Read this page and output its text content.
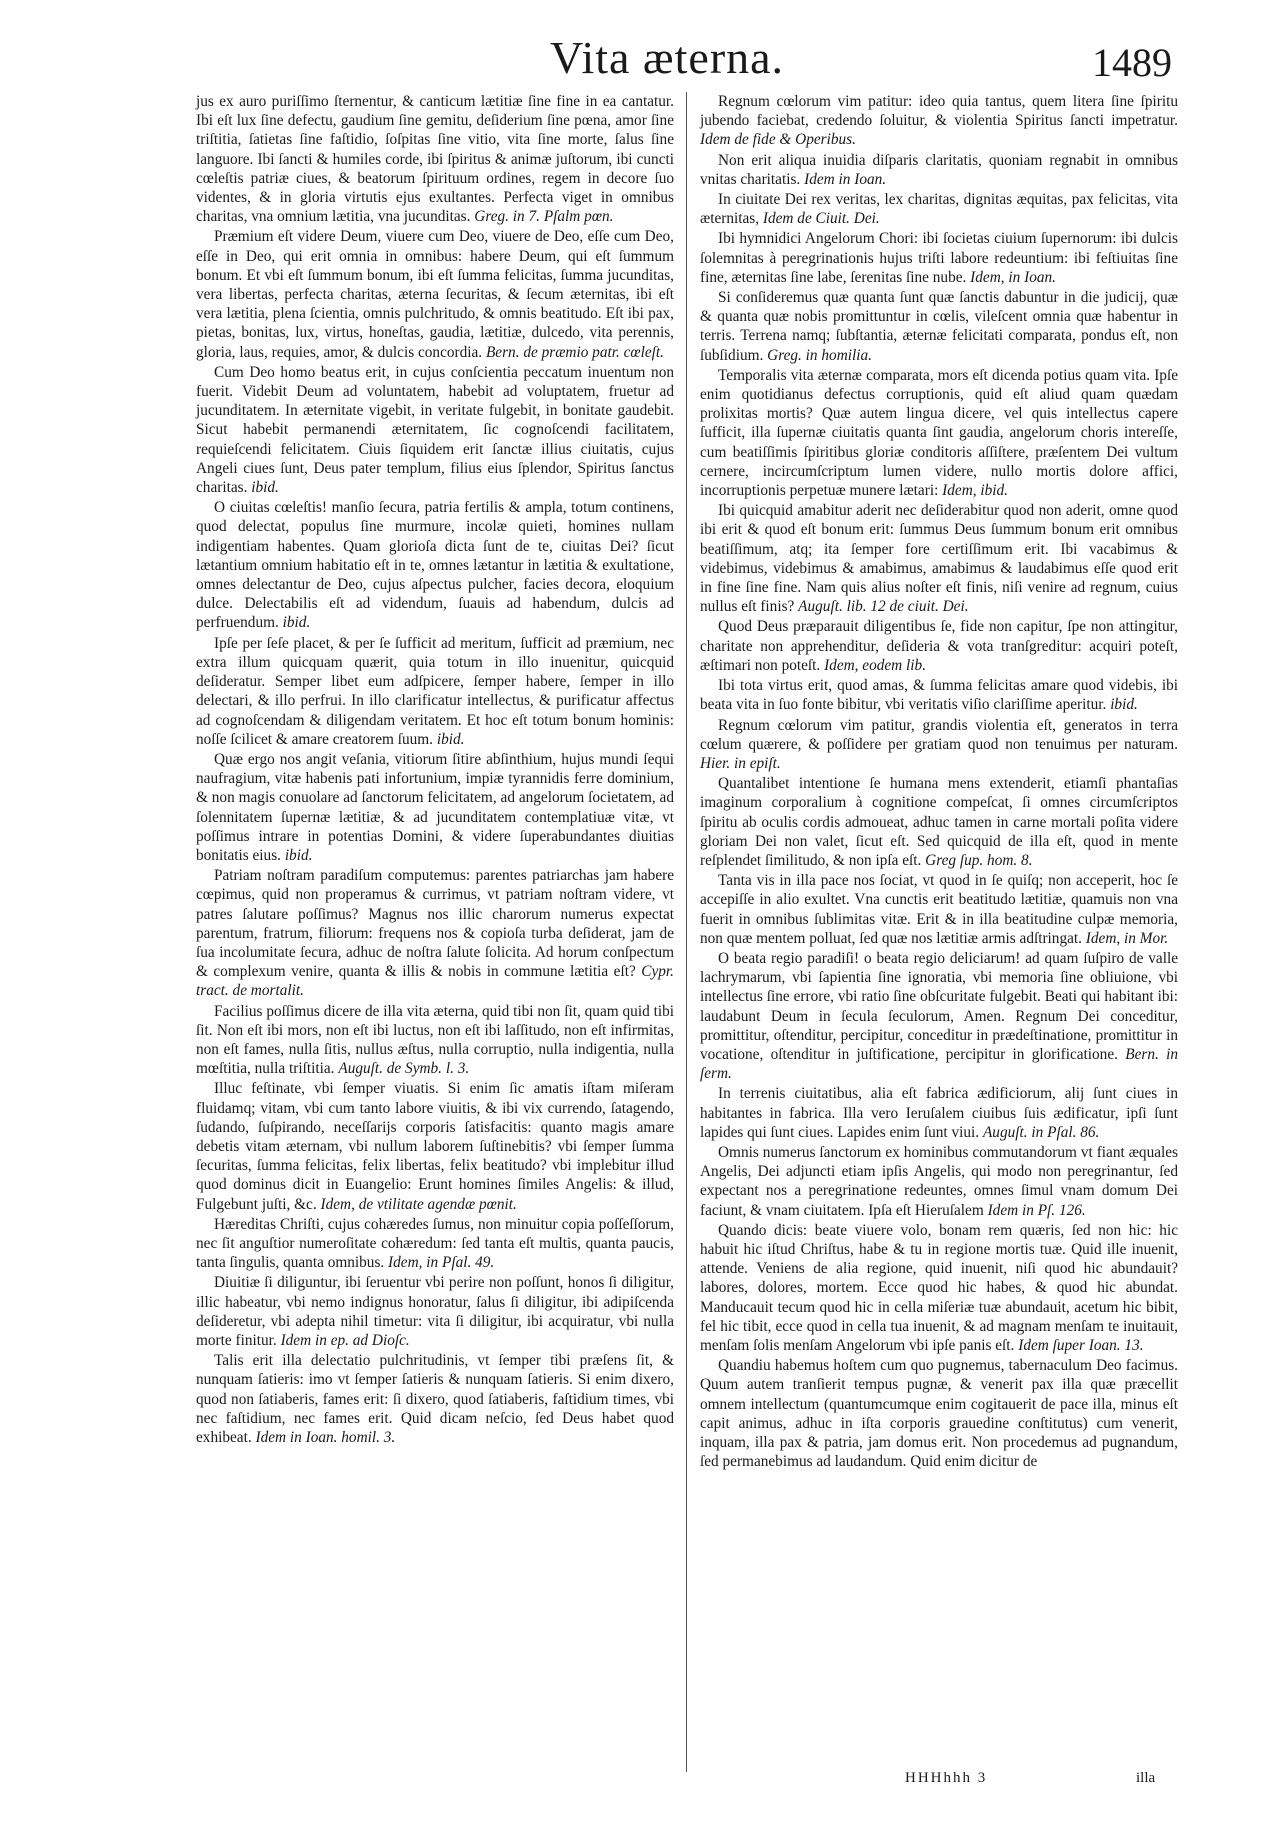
Vita æterna.	1489

jus ex auro puriſſimo ſternentur, & canticum lætitiæ ſine fine in ea cantatur. Ibi eſt lux ſine defectu, gaudium ſine gemitu, deſiderium ſine pœna, amor ſine triſtitia, ſatietas ſine faſtidio, ſoſpitas ſine vitio, vita ſine morte, ſalus ſine languore. Ibi ſancti & humiles corde, ibi ſpiritus & animæ juſtorum, ibi cuncti cœleſtis patriæ ciues, & beatorum ſpirituum ordines, regem in decore ſuo videntes, & in gloria virtutis ejus exultantes. Perfecta viget in omnibus charitas, vna omnium lætitia, vna jucunditas. Greg. in 7. Pſalm pœn.

Præmium eſt videre Deum, viuere cum Deo, viuere de Deo, eſſe cum Deo, eſſe in Deo, qui erit omnia in omnibus: habere Deum, qui eſt ſummum bonum. Et vbi eſt ſummum bonum, ibi eſt ſumma felicitas, ſumma jucunditas, vera libertas, perfecta charitas, æterna ſecuritas, & ſecum æternitas, ibi eſt vera lætitia, plena ſcientia, omnis pulchritudo, & omnis beatitudo. Eſt ibi pax, pietas, bonitas, lux, virtus, honeſtas, gaudia, lætitiæ, dulcedo, vita perennis, gloria, laus, requies, amor, & dulcis concordia. Bern. de præmio patr. cœleſt.

Cum Deo homo beatus erit, in cujus conſcientia peccatum inuentum non fuerit. Videbit Deum ad voluntatem, habebit ad voluptatem, fruetur ad jucunditatem. In æternitate vigebit, in veritate fulgebit, in bonitate gaudebit. Sicut habebit permanendi æternitatem, ſic cognoſcendi facilitatem, requieſcendi felicitatem. Ciuis ſiquidem erit ſanctæ illius ciuitatis, cujus Angeli ciues ſunt, Deus pater templum, filius eius ſplendor, Spiritus ſanctus charitas. ibid.

O ciuitas cœleſtis! manſio ſecura, patria fertilis & ampla, totum continens, quod delectat, populus ſine murmure, incolæ quieti, homines nullam indigentiam habentes. Quam glorioſa dicta ſunt de te, ciuitas Dei? ſicut lætantium omnium habitatio eſt in te, omnes lætantur in lætitia & exultatione, omnes delectantur de Deo, cujus aſpectus pulcher, facies decora, eloquium dulce. Delectabilis eſt ad videndum, ſuauis ad habendum, dulcis ad perfruendum. ibid.

Ipſe per ſeſe placet, & per ſe ſufficit ad meritum, ſufficit ad præmium, nec extra illum quicquam quærit, quia totum in illo inuenitur, quicquid deſideratur. Semper libet eum adſpicere, ſemper habere, ſemper in illo delectari, & illo perfrui. In illo clarificatur intellectus, & purificatur affectus ad cognoſcendam & diligendam veritatem. Et hoc eſt totum bonum hominis: noſſe ſcilicet & amare creatorem ſuum. ibid.

Quæ ergo nos angit veſania, vitiorum ſitire abſinthium, hujus mundi ſequi naufragium, vitæ habenis pati infortunium, impiæ tyrannidis ferre dominium, & non magis conuolare ad ſanctorum felicitatem, ad angelorum ſocietatem, ad ſolennitatem ſupernæ lætitiæ, & ad jucunditatem contemplatiuæ vitæ, vt poſſimus intrare in potentias Domini, & videre ſuperabundantes diuitias bonitatis eius. ibid.

Patriam noſtram paradiſum computemus: parentes patriarchas jam habere cœpimus, quid non properamus & currimus, vt patriam noſtram videre, vt patres ſalutare poſſimus? Magnus nos illic charorum numerus expectat parentum, fratrum, filiorum: frequens nos & copioſa turba deſiderat, jam de ſua incolumitate ſecura, adhuc de noſtra ſalute ſolicita. Ad horum conſpectum & complexum venire, quanta & illis & nobis in commune lætitia eſt? Cypr. tract. de mortalit.

Facilius poſſimus dicere de illa vita æterna, quid tibi non ſit, quam quid tibi ſit. Non eſt ibi mors, non eſt ibi luctus, non eſt ibi laſſitudo, non eſt infirmitas, non eſt fames, nulla ſitis, nullus æſtus, nulla corruptio, nulla indigentia, nulla mœſtitia, nulla triſtitia. Auguſt. de Symb. l. 3.

Illuc feſtinate, vbi ſemper viuatis. Si enim ſic amatis iſtam miſeram fluidamq; vitam, vbi cum tanto labore viuitis, & ibi vix currendo, ſatagendo, ſudando, ſuſpirando, neceſſarijs corporis ſatisfacitis: quanto magis amare debetis vitam æternam, vbi nullum laborem ſuſtinebitis? vbi ſemper ſumma ſecuritas, ſumma felicitas, felix libertas, felix beatitudo? vbi implebitur illud quod dominus dicit in Euangelio: Erunt homines ſimiles Angelis: & illud, Fulgebunt juſti, &c. Idem, de vtilitate agendæ pœnit.

Hæreditas Chriſti, cujus cohæredes ſumus, non minuitur copia poſſeſſorum, nec ſit anguſtior numeroſitate cohæredum: ſed tanta eſt multis, quanta paucis, tanta ſingulis, quanta omnibus. Idem, in Pſal. 49.

Diuitiæ ſi diliguntur, ibi ſeruentur vbi perire non poſſunt, honos ſi diligitur, illic habeatur, vbi nemo indignus honoratur, ſalus ſi diligitur, ibi adipiſcenda deſideretur, vbi adepta nihil timetur: vita ſi diligitur, ibi acquiratur, vbi nulla morte finitur. Idem in ep. ad Dioſc.

Talis erit illa delectatio pulchritudinis, vt ſemper tibi præſens ſit, & nunquam ſatieris: imo vt ſemper ſatieris & nunquam ſatieris. Si enim dixero, quod non ſatiaberis, fames erit: ſi dixero, quod ſatiaberis, faſtidium times, vbi nec faſtidium, nec fames erit. Quid dicam neſcio, ſed Deus habet quod exhibeat. Idem in Ioan. homil. 3.

Regnum cœlorum vim patitur: ideo quia tantus, quem litera ſine ſpiritu jubendo faciebat, credendo ſoluitur, & violentia Spiritus ſancti impetratur. Idem de fide & Operibus.

Non erit aliqua inuidia diſparis claritatis, quoniam regnabit in omnibus vnitas charitatis. Idem in Ioan.

In ciuitate Dei rex veritas, lex charitas, dignitas æquitas, pax felicitas, vita æternitas, Idem de Ciuit. Dei.

Ibi hymnidici Angelorum Chori: ibi ſocietas ciuium ſupernorum: ibi dulcis ſolemnitas à peregrinationis hujus triſti labore redeuntium: ibi feſtiuitas ſine fine, æternitas ſine labe, ſerenitas ſine nube. Idem, in Ioan.

Si conſideremus quæ quanta ſunt quæ ſanctis dabuntur in die judicij, quæ & quanta quæ nobis promittuntur in cœlis, vileſcent omnia quæ habentur in terris. Terrena namq; ſubſtantia, æternæ felicitati comparata, pondus eſt, non ſubſidium. Greg. in homilia.

Temporalis vita æternæ comparata, mors eſt dicenda potius quam vita. Ipſe enim quotidianus defectus corruptionis, quid eſt aliud quam quædam prolixitas mortis? Quæ autem lingua dicere, vel quis intellectus capere ſufficit, illa ſupernæ ciuitatis quanta ſint gaudia, angelorum choris intereſſe, cum beatiſſimis ſpiritibus gloriæ conditoris aſſiſtere, præſentem Dei vultum cernere, incircumſcriptum lumen videre, nullo mortis dolore affici, incorruptionis perpetuæ munere lætari: Idem, ibid.

Ibi quicquid amabitur aderit nec deſiderabitur quod non aderit, omne quod ibi erit & quod eſt bonum erit: ſummus Deus ſummum bonum erit omnibus beatiſſimum, atq; ita ſemper fore certiſſimum erit. Ibi vacabimus & videbimus, videbimus & amabimus, amabimus & laudabimus eſſe quod erit in fine ſine fine. Nam quis alius noſter eſt finis, niſi venire ad regnum, cuius nullus eſt finis? Auguſt. lib. 12 de ciuit. Dei.

Quod Deus præparauit diligentibus ſe, fide non capitur, ſpe non attingitur, charitate non apprehenditur, deſideria & vota tranſgreditur: acquiri poteſt, æſtimari non poteſt. Idem, eodem lib.

Ibi tota virtus erit, quod amas, & ſumma felicitas amare quod videbis, ibi beata vita in ſuo fonte bibitur, vbi veritatis viſio clariſſime aperitur. ibid.

Regnum cœlorum vim patitur, grandis violentia eſt, generatos in terra cœlum quærere, & poſſidere per gratiam quod non tenuimus per naturam. Hier. in epiſt.

Quantalibet intentione ſe humana mens extenderit, etiamſi phantaſias imaginum corporalium à cognitione compeſcat, ſi omnes circumſcriptos ſpiritu ab oculis cordis admoueat, adhuc tamen in carne mortali poſita videre gloriam Dei non valet, ſicut eſt. Sed quicquid de illa eſt, quod in mente reſplendet ſimilitudo, & non ipſa eſt. Greg ſup. hom. 8.

Tanta vis in illa pace nos ſociat, vt quod in ſe quiſq; non acceperit, hoc ſe accepiſſe in alio exultet. Vna cunctis erit beatitudo lætitiæ, quamuis non vna fuerit in omnibus ſublimitas vitæ. Erit & in illa beatitudine culpæ memoria, non quæ mentem polluat, ſed quæ nos lætitiæ armis adſtringat. Idem, in Mor.

O beata regio paradiſi! o beata regio deliciarum! ad quam ſuſpiro de valle lachrymarum, vbi ſapientia ſine ignoratia, vbi memoria ſine obliuione, vbi intellectus ſine errore, vbi ratio ſine obſcuritate fulgebit. Beati qui habitant ibi: laudabunt Deum in ſecula ſeculorum, Amen. Regnum Dei conceditur, promittitur, oſtenditur, percipitur, conceditur in prædeſtinatione, promittitur in vocatione, oſtenditur in juſtificatione, percipitur in glorificatione. Bern. in ſerm.

In terrenis ciuitatibus, alia eſt fabrica ædificiorum, alij ſunt ciues in habitantes in fabrica. Illa vero Ieruſalem ciuibus ſuis ædificatur, ipſi ſunt lapides qui ſunt ciues. Lapides enim ſunt viui. Auguſt. in Pſal. 86.

Omnis numerus ſanctorum ex hominibus commutandorum vt fiant æquales Angelis, Dei adjuncti etiam ipſis Angelis, qui modo non peregrinantur, ſed expectant nos a peregrinatione redeuntes, omnes ſimul vnam domum Dei faciunt, & vnam ciuitatem. Ipſa eſt Hieruſalem Idem in Pſ. 126.

Quando dicis: beate viuere volo, bonam rem quæris, ſed non hic: hic habuit hic iſtud Chriſtus, habe & tu in regione mortis tuæ. Quid ille inuenit, attende. Veniens de alia regione, quid inuenit, niſi quod hic abundauit? labores, dolores, mortem. Ecce quod hic habes, & quod hic abundat. Manducauit tecum quod hic in cella miſeriæ tuæ abundauit, acetum hic bibit, fel hic tibit, ecce quod in cella tua inuenit, & ad magnam menſam te inuitauit, menſam ſolis menſam Angelorum vbi ipſe panis eſt. Idem ſuper Ioan. 13.

Quandiu habemus hoſtem cum quo pugnemus, tabernaculum Deo facimus. Quum autem tranſierit tempus pugnæ, & venerit pax illa quæ præcellit omnem intellectum (quantumcumque enim cogitauerit de pace illa, minus eſt capit animus, adhuc in iſta corporis grauedine conſtitutus) cum venerit, inquam, illa pax & patria, jam domus erit. Non procedemus ad pugnandum, ſed permanebimus ad laudandum. Quid enim dicitur de

HHHhhh 3	illa
